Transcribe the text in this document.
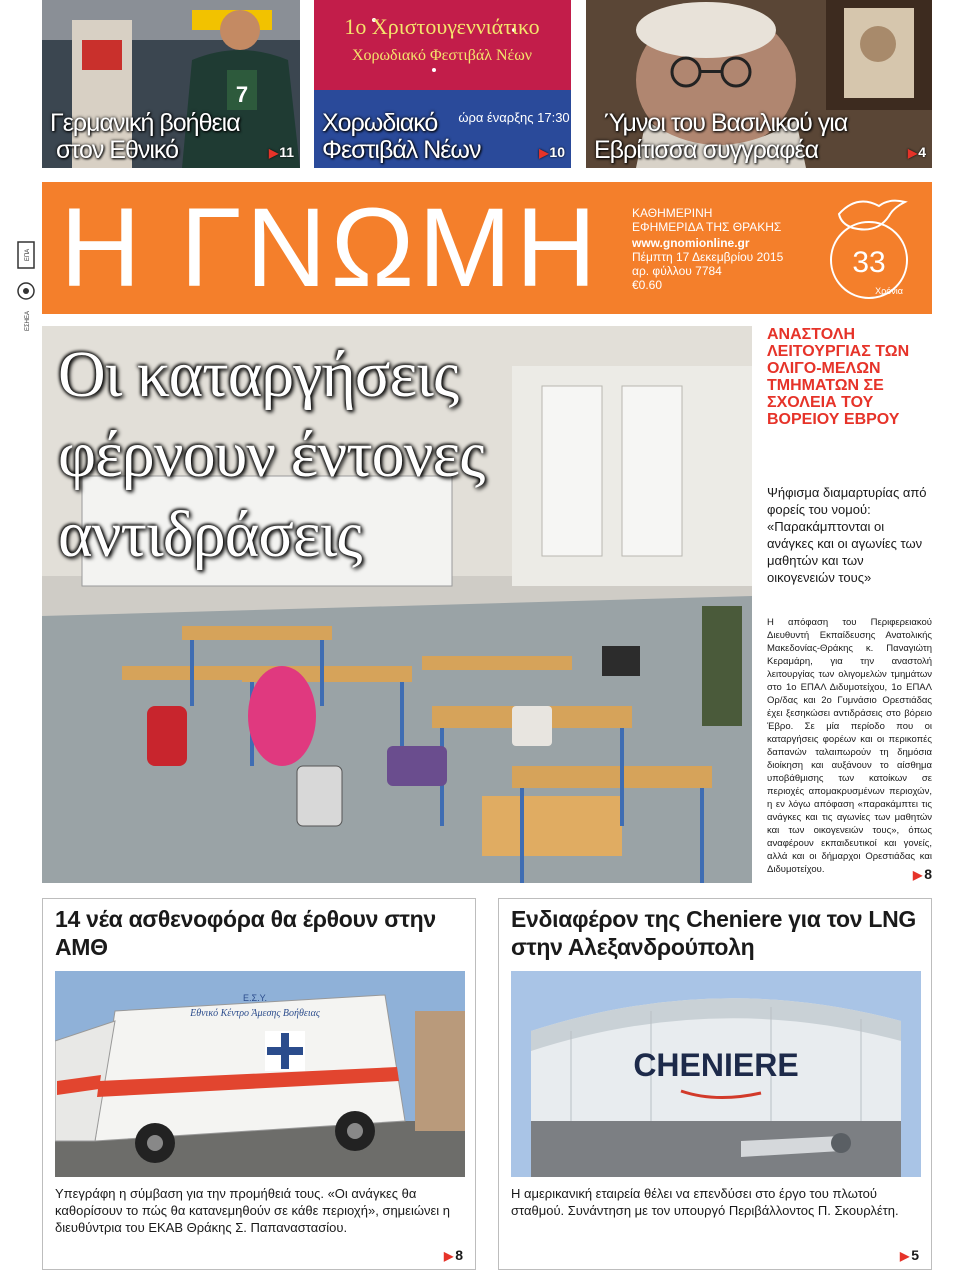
7
Γερμανική βοήθεια
στον Εθνικό	▶11
1ο Χριστουγεννιάτικο
Χορωδιακό Φεστιβάλ Νέων
ώρα έναρξης 17:30
Χορωδιακό
Φεστιβάλ Νέων	▶10
Ύμνοι του Βασιλικού για
Εβρίτισσα συγγραφέα	▶4
ΕΠΑ

ΕΣΗΕΑ
Η ΓΝΩΜΗ	ΚΑΘΗΜΕΡΙΝΗ
ΕΦΗΜΕΡΙΔΑ ΤΗΣ ΘΡΑΚΗΣ
www.gnomionline.gr
Πέμπτη 17 Δεκεμβρίου 2015
αρ. φύλλου 7784
€0.60
33
Χρόνια
Οι καταργήσεις
φέρνουν έντονες
αντιδράσεις
ΑΝΑΣΤΟΛΗ ΛΕΙΤΟΥΡΓΙΑΣ ΤΩΝ ΟΛΙΓΟ-ΜΕΛΩΝ ΤΜΗΜΑΤΩΝ ΣΕ ΣΧΟΛΕΙΑ ΤΟΥ ΒΟΡΕΙΟΥ ΕΒΡΟΥ
Ψήφισμα διαμαρτυρίας από φορείς του νομού: «Παρακάμπτονται οι ανάγκες και οι αγωνίες των μαθητών και των οικογενειών τους»
Η απόφαση του Περιφερειακού Διευθυντή Εκπαίδευσης Ανατολικής Μακεδονίας-Θράκης κ. Παναγιώτη Κεραμάρη, για την αναστολή λειτουργίας των ολιγομελών τμημάτων στο 1ο ΕΠΑΛ Διδυμοτείχου, 1ο ΕΠΑΛ Ορ/δας και 2ο Γυμνάσιο Ορεστιάδας έχει ξεσηκώσει αντιδράσεις στο βόρειο Έβρο. Σε μία περίοδο που οι καταργήσεις φορέων και οι περικοπές δαπανών ταλαιπωρούν τη δημόσια διοίκηση και αυξάνουν το αίσθημα υποβάθμισης των κατοίκων σε περιοχές απομακρυσμένων περιοχών, η εν λόγω απόφαση «παρακάμπτει τις ανάγκες και τις αγωνίες των μαθητών και των οικογενειών τους», όπως αναφέρουν εκπαιδευτικοί και γονείς, αλλά και οι δήμαρχοι Ορεστιάδας και Διδυμοτείχου.	▶ 8
14 νέα ασθενοφόρα θα έρθουν στην ΑΜΘ
Ε.Σ.Υ.
Εθνικό Κέντρο Άμεσης Βοήθειας
Υπεγράφη η σύμβαση για την προμήθειά τους. «Οι ανάγκες θα καθορίσουν το πώς θα κατανεμηθούν σε κάθε περιοχή», σημειώνει η διευθύντρια του ΕΚΑΒ Θράκης Σ. Παπαναστασίου.
▶ 8
Ενδιαφέρον της Cheniere για τον LNG στην Αλεξανδρούπολη
CHENIERE
Η αμερικανική εταιρεία θέλει να επενδύσει στο έργο του πλωτού σταθμού. Συνάντηση με τον υπουργό Περιβάλλοντος Π. Σκουρλέτη.
▶ 5
